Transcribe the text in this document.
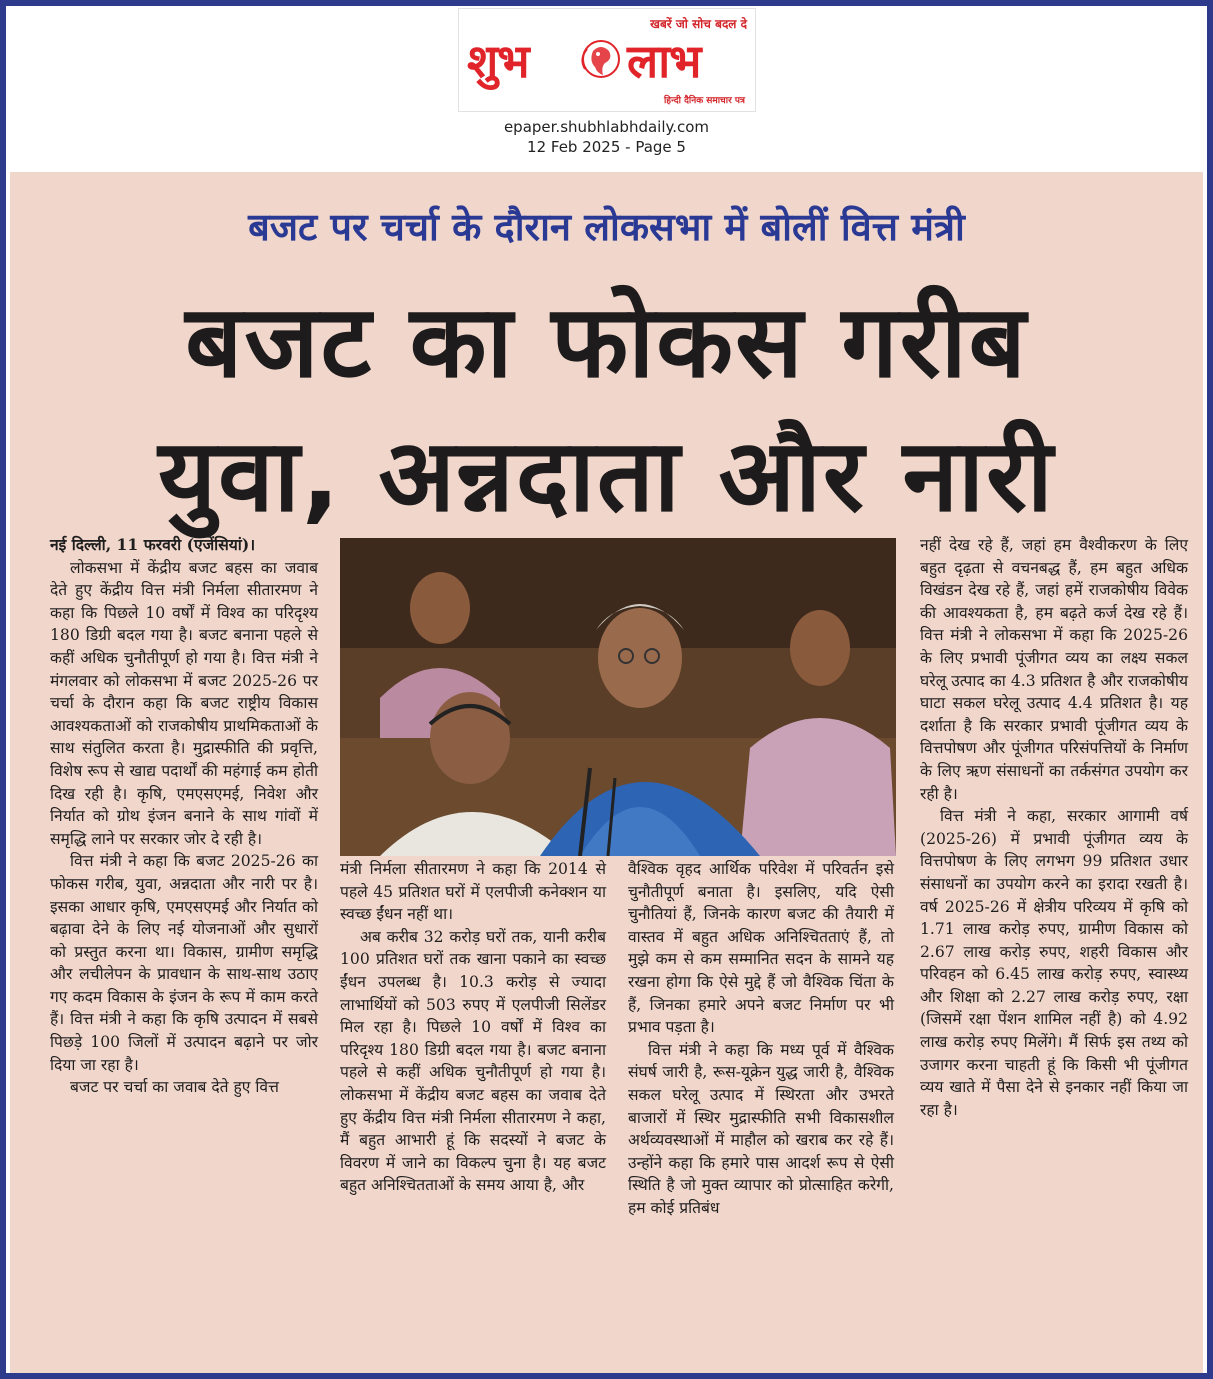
खबरें जो सोच बदल दे
शुभ लाभ
हिन्दी दैनिक समाचार पत्र
epaper.shubhlabhdaily.com
12 Feb 2025 - Page 5
बजट पर चर्चा के दौरान लोकसभा में बोलीं वित्त मंत्री
बजट का फोकस गरीब
युवा, अन्नदाता और नारी

नई दिल्ली, 11 फरवरी (एजेंसियां)।

लोकसभा में केंद्रीय बजट बहस का जवाब देते हुए केंद्रीय वित्त मंत्री निर्मला सीतारमण ने कहा कि पिछले 10 वर्षों में विश्व का परिदृश्य 180 डिग्री बदल गया है। बजट बनाना पहले से कहीं अधिक चुनौतीपूर्ण हो गया है। वित्त मंत्री ने मंगलवार को लोकसभा में बजट 2025-26 पर चर्चा के दौरान कहा कि बजट राष्ट्रीय विकास आवश्यकताओं को राजकोषीय प्राथमिकताओं के साथ संतुलित करता है। मुद्रास्फीति की प्रवृत्ति, विशेष रूप से खाद्य पदार्थों की महंगाई कम होती दिख रही है। कृषि, एमएसएमई, निवेश और निर्यात को ग्रोथ इंजन बनाने के साथ गांवों में समृद्धि लाने पर सरकार जोर दे रही है।

वित्त मंत्री ने कहा कि बजट 2025-26 का फोकस गरीब, युवा, अन्नदाता और नारी पर है। इसका आधार कृषि, एमएसएमई और निर्यात को बढ़ावा देने के लिए नई योजनाओं और सुधारों को प्रस्तुत करना था। विकास, ग्रामीण समृद्धि और लचीलेपन के प्रावधान के साथ-साथ उठाए गए कदम विकास के इंजन के रूप में काम करते हैं। वित्त मंत्री ने कहा कि कृषि उत्पादन में सबसे पिछड़े 100 जिलों में उत्पादन बढ़ाने पर जोर दिया जा रहा है।

बजट पर चर्चा का जवाब देते हुए वित्त

मंत्री निर्मला सीतारमण ने कहा कि 2014 से पहले 45 प्रतिशत घरों में एलपीजी कनेक्शन या स्वच्छ ईंधन नहीं था।

अब करीब 32 करोड़ घरों तक, यानी करीब 100 प्रतिशत घरों तक खाना पकाने का स्वच्छ ईंधन उपलब्ध है। 10.3 करोड़ से ज्यादा लाभार्थियों को 503 रुपए में एलपीजी सिलेंडर मिल रहा है। पिछले 10 वर्षों में विश्व का परिदृश्य 180 डिग्री बदल गया है। बजट बनाना पहले से कहीं अधिक चुनौतीपूर्ण हो गया है। लोकसभा में केंद्रीय बजट बहस का जवाब देते हुए केंद्रीय वित्त मंत्री निर्मला सीतारमण ने कहा, मैं बहुत आभारी हूं कि सदस्यों ने बजट के विवरण में जाने का विकल्प चुना है। यह बजट बहुत अनिश्चितताओं के समय आया है, और

वैश्विक वृहद आर्थिक परिवेश में परिवर्तन इसे चुनौतीपूर्ण बनाता है। इसलिए, यदि ऐसी चुनौतियां हैं, जिनके कारण बजट की तैयारी में वास्तव में बहुत अधिक अनिश्चितताएं हैं, तो मुझे कम से कम सम्मानित सदन के सामने यह रखना होगा कि ऐसे मुद्दे हैं जो वैश्विक चिंता के हैं, जिनका हमारे अपने बजट निर्माण पर भी प्रभाव पड़ता है।

वित्त मंत्री ने कहा कि मध्य पूर्व में वैश्विक संघर्ष जारी है, रूस-यूक्रेन युद्ध जारी है, वैश्विक सकल घरेलू उत्पाद में स्थिरता और उभरते बाजारों में स्थिर मुद्रास्फीति सभी विकासशील अर्थव्यवस्थाओं में माहौल को खराब कर रहे हैं। उन्होंने कहा कि हमारे पास आदर्श रूप से ऐसी स्थिति है जो मुक्त व्यापार को प्रोत्साहित करेगी, हम कोई प्रतिबंध

नहीं देख रहे हैं, जहां हम वैश्वीकरण के लिए बहुत दृढ़ता से वचनबद्ध हैं, हम बहुत अधिक विखंडन देख रहे हैं, जहां हमें राजकोषीय विवेक की आवश्यकता है, हम बढ़ते कर्ज देख रहे हैं। वित्त मंत्री ने लोकसभा में कहा कि 2025-26 के लिए प्रभावी पूंजीगत व्यय का लक्ष्य सकल घरेलू उत्पाद का 4.3 प्रतिशत है और राजकोषीय घाटा सकल घरेलू उत्पाद 4.4 प्रतिशत है। यह दर्शाता है कि सरकार प्रभावी पूंजीगत व्यय के वित्तपोषण और पूंजीगत परिसंपत्तियों के निर्माण के लिए ऋण संसाधनों का तर्कसंगत उपयोग कर रही है।

वित्त मंत्री ने कहा, सरकार आगामी वर्ष (2025-26) में प्रभावी पूंजीगत व्यय के वित्तपोषण के लिए लगभग 99 प्रतिशत उधार संसाधनों का उपयोग करने का इरादा रखती है। वर्ष 2025-26 में क्षेत्रीय परिव्यय में कृषि को 1.71 लाख करोड़ रुपए, ग्रामीण विकास को 2.67 लाख करोड़ रुपए, शहरी विकास और परिवहन को 6.45 लाख करोड़ रुपए, स्वास्थ्य और शिक्षा को 2.27 लाख करोड़ रुपए, रक्षा (जिसमें रक्षा पेंशन शामिल नहीं है) को 4.92 लाख करोड़ रुपए मिलेंगे। मैं सिर्फ इस तथ्य को उजागर करना चाहती हूं कि किसी भी पूंजीगत व्यय खाते में पैसा देने से इनकार नहीं किया जा रहा है।
